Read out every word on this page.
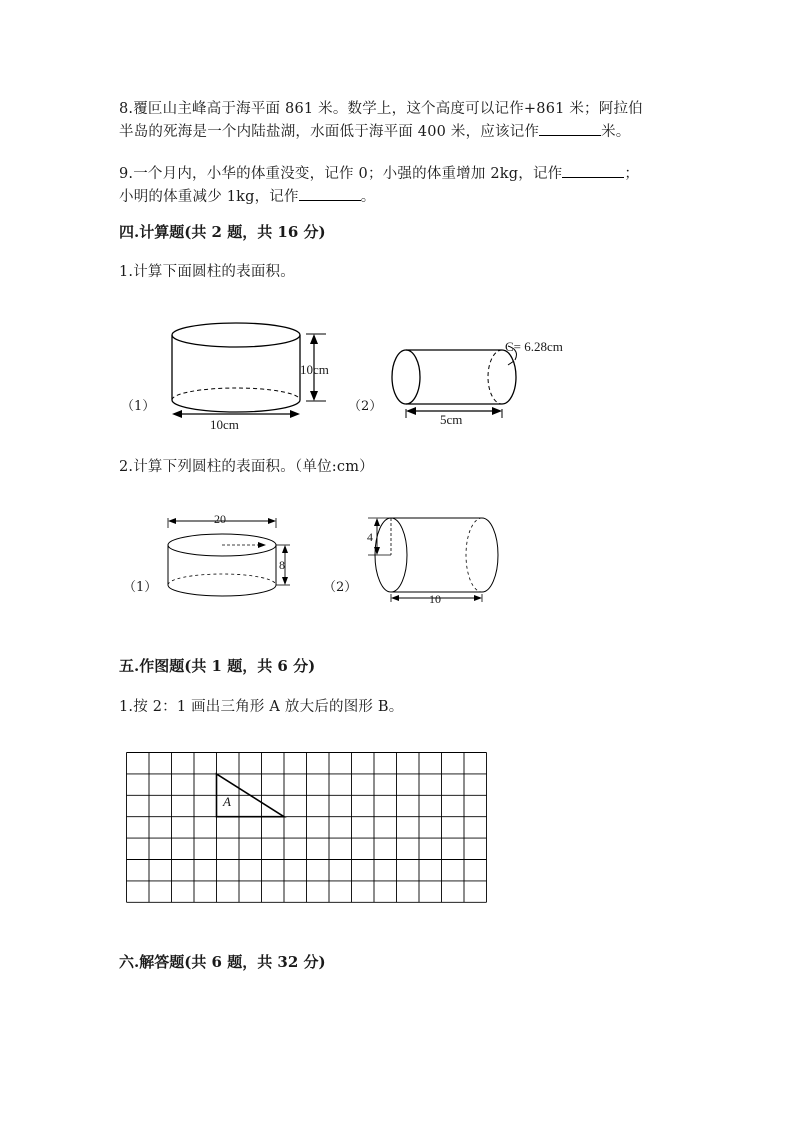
8.覆叵山主峰高于海平面 861 米。数学上，这个高度可以记作+861 米；阿拉伯
半岛的死海是一个内陆盐湖，水面低于海平面 400 米，应该记作	米。
9.一个月内，小华的体重没变，记作 0；小强的体重增加 2kg，记作	；
小明的体重减少 1kg，记作	。
四.计算题(共 2 题，共 16 分)
1.计算下面圆柱的表面积。
（1）
10cm
10cm
（2）
C= 6.28cm
5cm
2.计算下列圆柱的表面积。（单位:cm）
（1）
20
8
（2）
4
10
五.作图题(共 1 题，共 6 分)
1.按 2：1 画出三角形 A 放大后的图形 B。
A
六.解答题(共 6 题，共 32 分)
